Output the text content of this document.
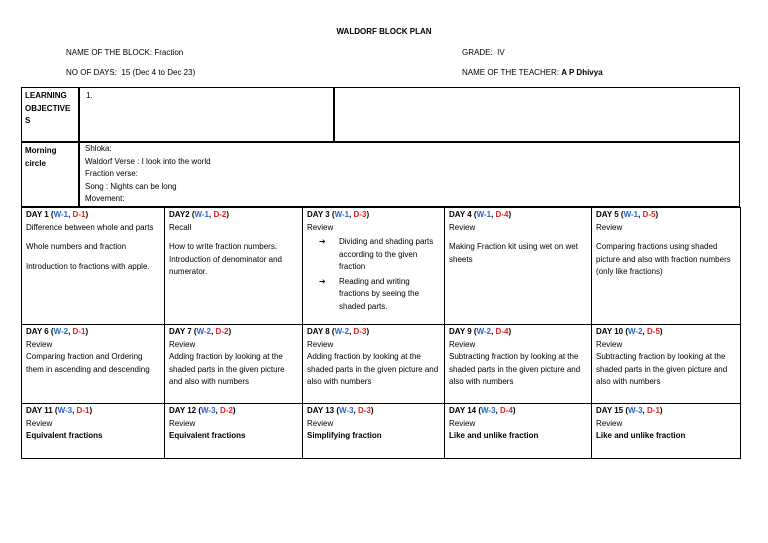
WALDORF BLOCK PLAN
NAME OF THE BLOCK: Fraction	GRADE: IV
NO OF DAYS: 15 (Dec 4 to Dec 23)	NAME OF THE TEACHER: A P Dhivya
LEARNING OBJECTIVE S
1.
Morning circle
Shloka:
Waldorf Verse : I look into the world
Fraction verse:
Song : Nights can be long
Movement:
DAY 1 (W-1, D-1)
Difference between whole and parts
Whole numbers and fraction
Introduction to fractions with apple.
DAY2 (W-1, D-2)
Recall
How to write fraction numbers.
Introduction of denominator and numerator.
DAY 3 (W-1, D-3)
Review
➔	Dividing and shading parts according to the given fraction
➔	Reading and writing fractions by seeing the shaded parts.
DAY 4 (W-1, D-4)
Review
Making Fraction kit using wet on wet sheets
DAY 5 (W-1, D-5)
Review
Comparing fractions using shaded picture and also with fraction numbers (only like fractions)
DAY 6 (W-2, D-1)
Review
Comparing fraction and Ordering them in ascending and descending
DAY 7 (W-2, D-2)
Review
Adding fraction by looking at the shaded parts in the given picture and also with numbers
DAY 8 (W-2, D-3)
Review
Adding fraction by looking at the shaded parts in the given picture and also with numbers
DAY 9 (W-2, D-4)
Review
Subtracting fraction by looking at the shaded parts in the given picture and also with numbers
DAY 10 (W-2, D-5)
Review
Subtracting fraction by looking at the shaded parts in the given picture and also with numbers
DAY 11 (W-3, D-1)
Review
Equivalent fractions
DAY 12 (W-3, D-2)
Review
Equivalent fractions
DAY 13 (W-3, D-3)
Review
Simplifying fraction
DAY 14 (W-3, D-4)
Review
Like and unlike fraction
DAY 15 (W-3, D-1)
Review
Like and unlike fraction
